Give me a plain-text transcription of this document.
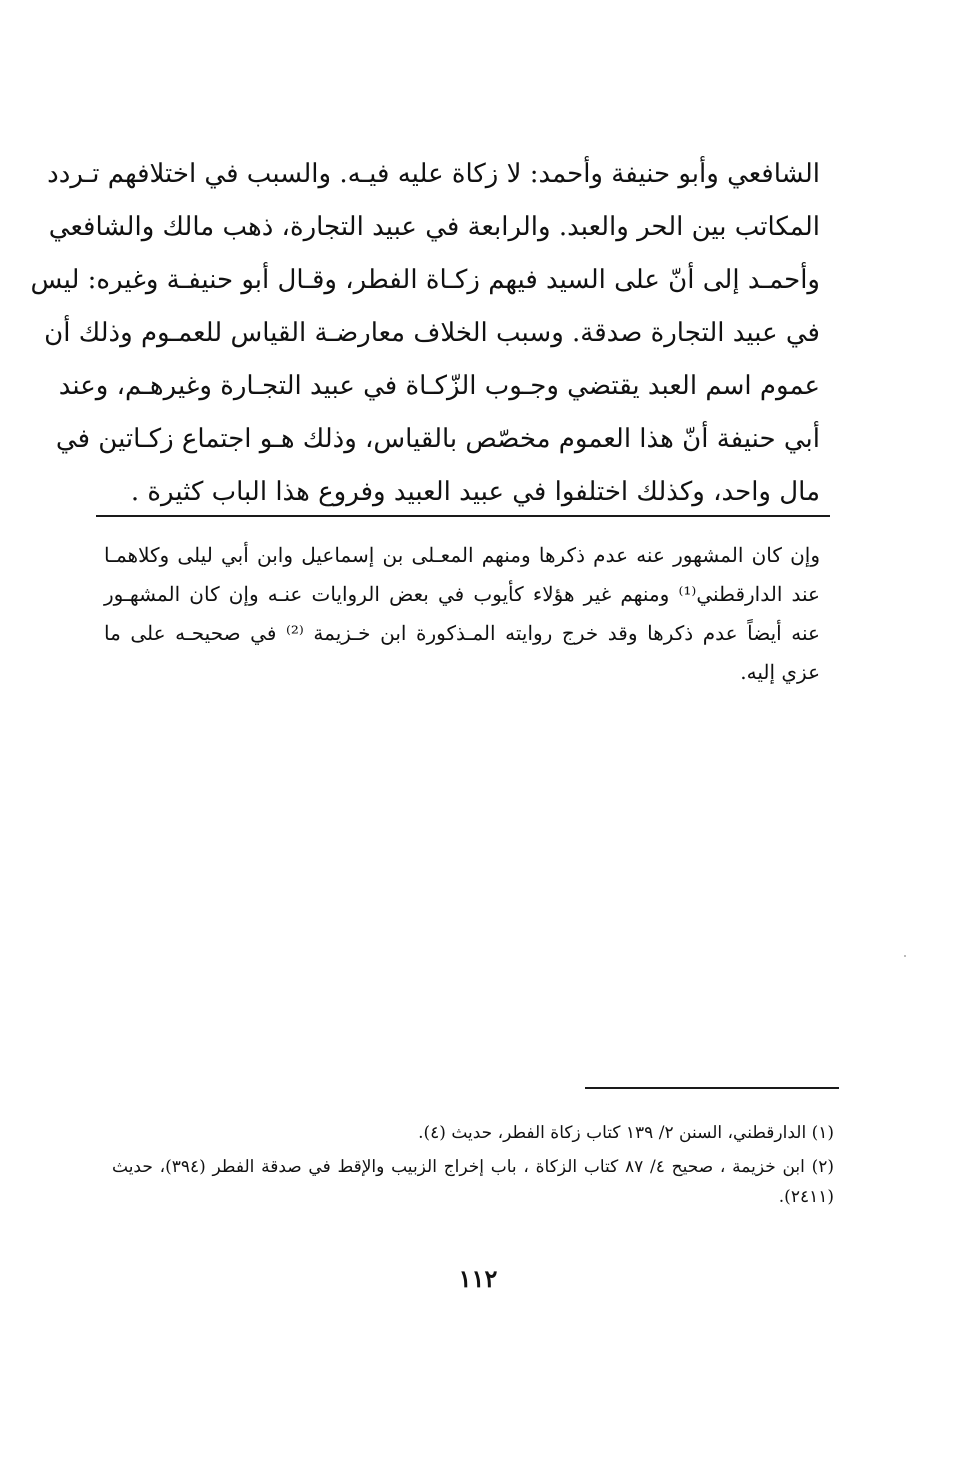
الشافعي وأبو حنيفة وأحمد: لا زكاة عليه فيـه. والسبب في اختلافهم تـردد
المكاتب بين الحر والعبد. والرابعة في عبيد التجارة، ذهب مالك والشافعي
وأحمـد إلى أنّ على السيد فيهم زكـاة الفطر، وقـال أبو حنيفـة وغيره: ليس
في عبيد التجارة صدقة. وسبب الخلاف معارضـة القياس للعمـوم وذلك أن
عموم اسم العبد يقتضي وجـوب الزّكـاة في عبيد التجـارة وغيرهـم، وعند
أبي حنيفة أنّ هذا العموم مخصّص بالقياس، وذلك هـو اجتماع زكـاتين في
مال واحد، وكذلك اختلفوا في عبيد العبيد وفروع هذا الباب كثيرة .
وإن كان المشهور عنه عدم ذكرها ومنهم المعـلى بن إسماعيل وابن أبي ليلى وكلاهمـا
عند الدارقطني⁽¹⁾ ومنهم غير هؤلاء كأيوب في بعض الروايات عنـه وإن كان المشهـور
عنه أيضاً عدم ذكرها وقد خرج روايته المـذكورة ابن خـزيمة ⁽²⁾ في صحيحـه على ما
عزي إليه.
(١) الدارقطني، السنن ٢/ ١٣٩ كتاب زكاة الفطر، حديث (٤).
(٢) ابن خزيمة ، صحيح ٤/ ٨٧ كتاب الزكاة ، باب إخراج الزبيب والإقط في صدقة الفطر (٣٩٤)، حديث
(٢٤١١).
١١٢
